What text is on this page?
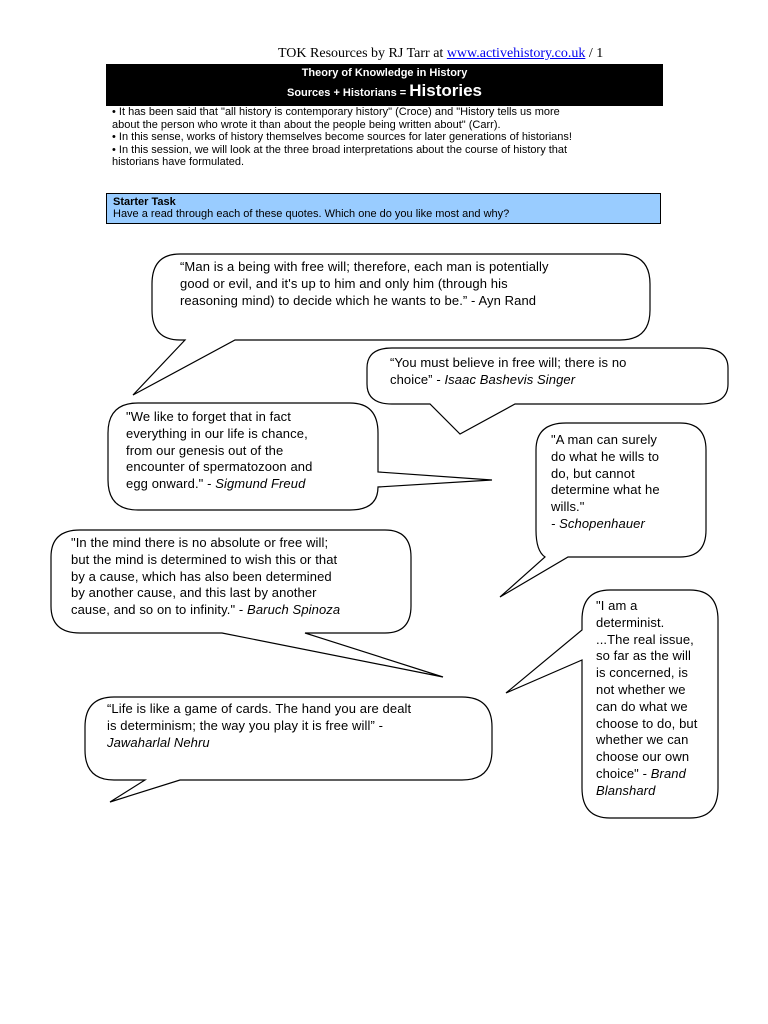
TOK Resources by RJ Tarr at www.activehistory.co.uk / 1
Theory of Knowledge in History
Sources + Historians = Histories
• It has been said that "all history is contemporary history" (Croce) and "History tells us more
about the person who wrote it than about the people being written about" (Carr).
• In this sense, works of history themselves become sources for later generations of historians!
• In this session, we will look at the three broad interpretations about the course of history that
historians have formulated.
Starter Task
Have a read through each of these quotes. Which one do you like most and why?
“Man is a being with free will; therefore, each man is potentially
good or evil, and it's up to him and only him (through his
reasoning mind) to decide which he wants to be.” - Ayn Rand
“You must believe in free will; there is no
choice” - Isaac Bashevis Singer
"We like to forget that in fact
everything in our life is chance,
from our genesis out of the
encounter of spermatozoon and
egg onward." - Sigmund Freud
"A man can surely
do what he wills to
do, but cannot
determine what he
wills."
- Schopenhauer
"In the mind there is no absolute or free will;
but the mind is determined to wish this or that
by a cause, which has also been determined
by another cause, and this last by another
cause, and so on to infinity." - Baruch Spinoza	"I am a
determinist.
...The real issue,
so far as the will
is concerned, is
not whether we
can do what we
choose to do, but
whether we can
choose our own
choice" - Brand
Blanshard
“Life is like a game of cards. The hand you are dealt
is determinism; the way you play it is free will” -
Jawaharlal Nehru
